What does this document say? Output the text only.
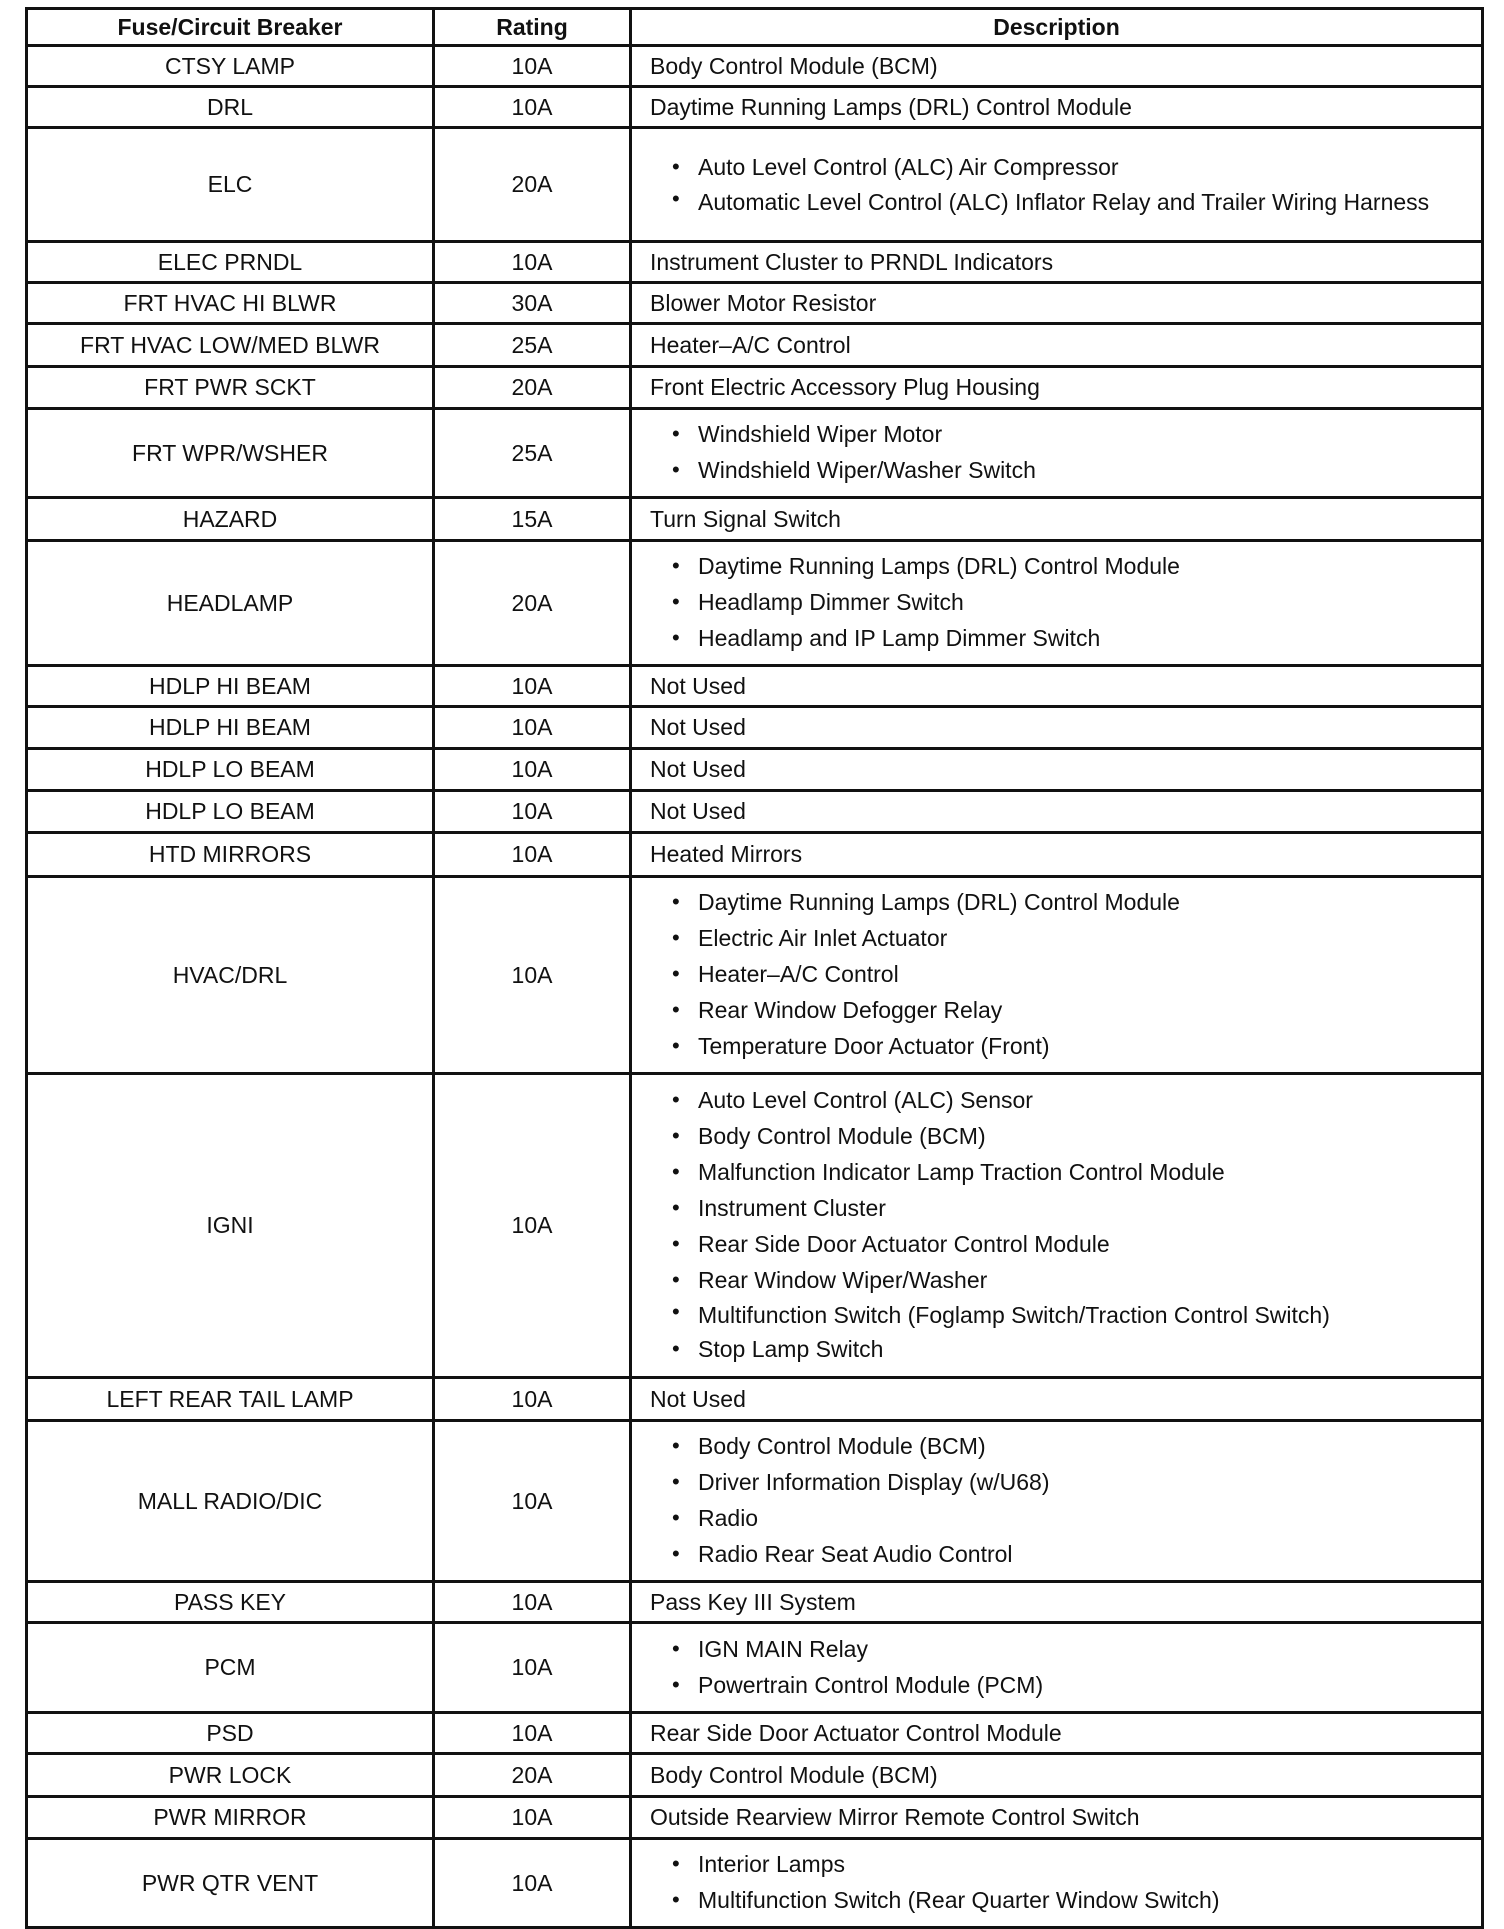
Fuse/Circuit Breaker	Rating	Description
CTSY LAMP	10A	Body Control Module (BCM)
DRL	10A	Daytime Running Lamps (DRL) Control Module
ELC	20A	
• Auto Level Control (ALC) Air Compressor
• Automatic Level Control (ALC) Inflator Relay and Trailer Wiring Harness

ELEC PRNDL	10A	Instrument Cluster to PRNDL Indicators
FRT HVAC HI BLWR	30A	Blower Motor Resistor
FRT HVAC LOW/MED BLWR	25A	Heater–A/C Control
FRT PWR SCKT	20A	Front Electric Accessory Plug Housing
FRT WPR/WSHER	25A	
• Windshield Wiper Motor
• Windshield Wiper/Washer Switch

HAZARD	15A	Turn Signal Switch
HEADLAMP	20A	
• Daytime Running Lamps (DRL) Control Module
• Headlamp Dimmer Switch
• Headlamp and IP Lamp Dimmer Switch

HDLP HI BEAM	10A	Not Used
HDLP HI BEAM	10A	Not Used
HDLP LO BEAM	10A	Not Used
HDLP LO BEAM	10A	Not Used
HTD MIRRORS	10A	Heated Mirrors
HVAC/DRL	10A	
• Daytime Running Lamps (DRL) Control Module
• Electric Air Inlet Actuator
• Heater–A/C Control
• Rear Window Defogger Relay
• Temperature Door Actuator (Front)

IGNI	10A	
• Auto Level Control (ALC) Sensor
• Body Control Module (BCM)
• Malfunction Indicator Lamp Traction Control Module
• Instrument Cluster
• Rear Side Door Actuator Control Module
• Rear Window Wiper/Washer
• Multifunction Switch (Foglamp Switch/Traction Control Switch)
• Stop Lamp Switch

LEFT REAR TAIL LAMP	10A	Not Used
MALL RADIO/DIC	10A	
• Body Control Module (BCM)
• Driver Information Display (w/U68)
• Radio
• Radio Rear Seat Audio Control

PASS KEY	10A	Pass Key III System
PCM	10A	
• IGN MAIN Relay
• Powertrain Control Module (PCM)

PSD	10A	Rear Side Door Actuator Control Module
PWR LOCK	20A	Body Control Module (BCM)
PWR MIRROR	10A	Outside Rearview Mirror Remote Control Switch
PWR QTR VENT	10A	
• Interior Lamps
• Multifunction Switch (Rear Quarter Window Switch)
